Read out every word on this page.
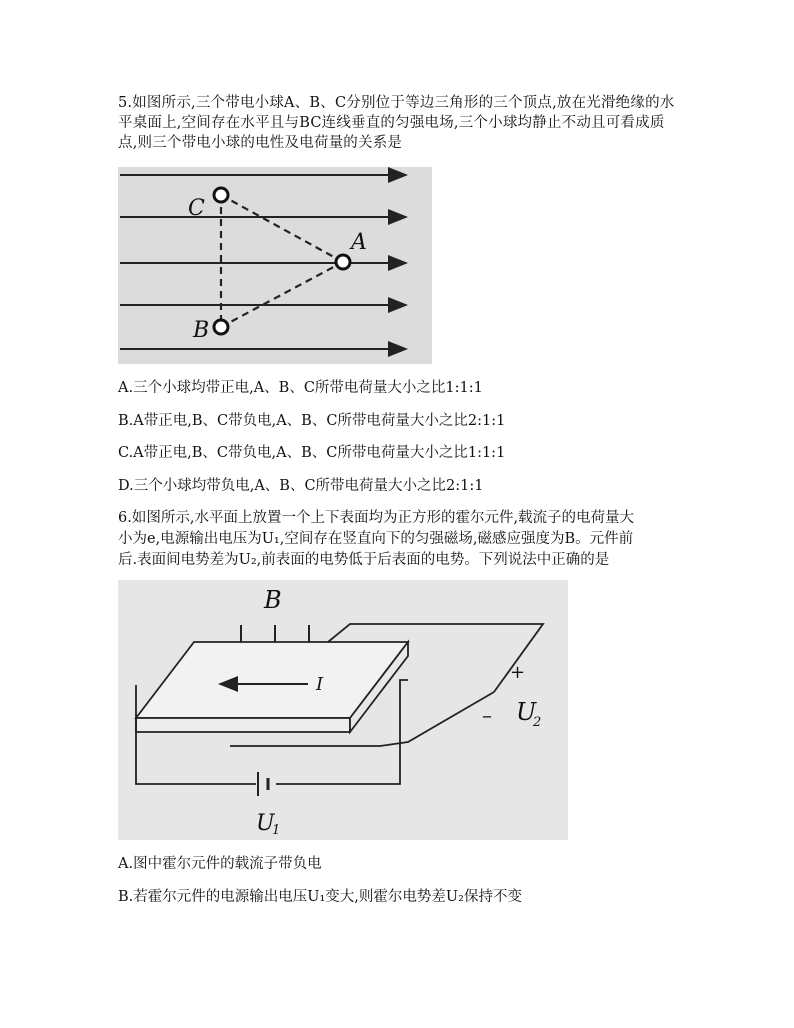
5.如图所示,三个带电小球A、B、C分别位于等边三角形的三个顶点,放在光滑绝缘的水平桌面上,空间存在水平且与BC连线垂直的匀强电场,三个小球均静止不动且可看成质点,则三个带电小球的电性及电荷量的关系是
C
A
B
A.三个小球均带正电,A、B、C所带电荷量大小之比1:1:1
B.A带正电,B、C带负电,A、B、C所带电荷量大小之比2:1:1
C.A带正电,B、C带负电,A、B、C所带电荷量大小之比1:1:1
D.三个小球均带负电,A、B、C所带电荷量大小之比2:1:1
6.如图所示,水平面上放置一个上下表面均为正方形的霍尔元件,载流子的电荷量大
小为e,电源输出电压为U₁,空间存在竖直向下的匀强磁场,磁感应强度为B。元件前
后.表面间电势差为U₂,前表面的电势低于后表面的电势。下列说法中正确的是
B
I
U
1
+
– U
2
A.图中霍尔元件的载流子带负电
B.若霍尔元件的电源输出电压U₁变大,则霍尔电势差U₂保持不变
